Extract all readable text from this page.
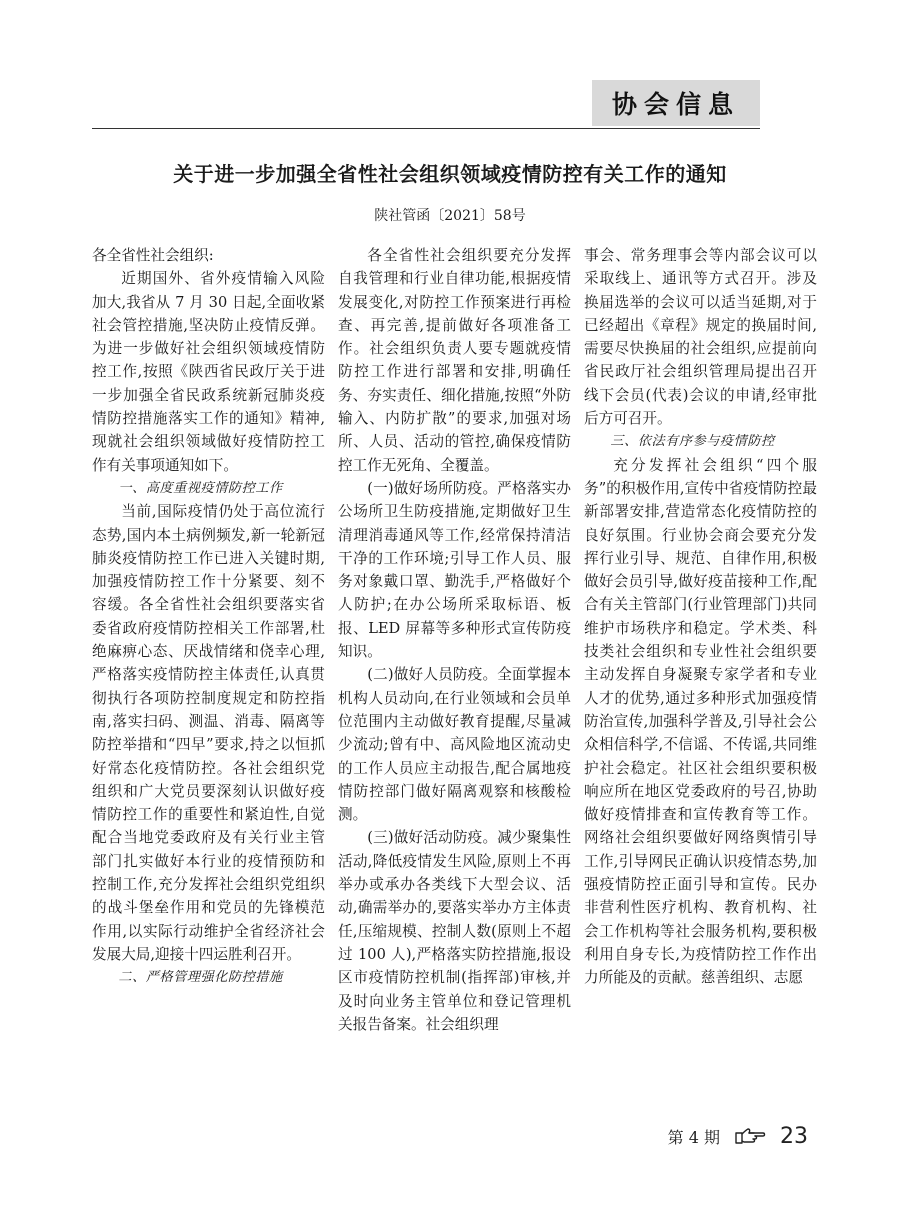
协会信息
关于进一步加强全省性社会组织领域疫情防控有关工作的通知
陕社管函〔2021〕58号

各全省性社会组织:

近期国外、省外疫情输入风险加大,我省从 7 月 30 日起,全面收紧社会管控措施,坚决防止疫情反弹。为进一步做好社会组织领域疫情防控工作,按照《陕西省民政厅关于进一步加强全省民政系统新冠肺炎疫情防控措施落实工作的通知》精神,现就社会组织领域做好疫情防控工作有关事项通知如下。

一、高度重视疫情防控工作

当前,国际疫情仍处于高位流行态势,国内本土病例频发,新一轮新冠肺炎疫情防控工作已进入关键时期,加强疫情防控工作十分紧要、刻不容缓。各全省性社会组织要落实省委省政府疫情防控相关工作部署,杜绝麻痹心态、厌战情绪和侥幸心理,严格落实疫情防控主体责任,认真贯彻执行各项防控制度规定和防控指南,落实扫码、测温、消毒、隔离等防控举措和“四早”要求,持之以恒抓好常态化疫情防控。各社会组织党组织和广大党员要深刻认识做好疫情防控工作的重要性和紧迫性,自觉配合当地党委政府及有关行业主管部门扎实做好本行业的疫情预防和控制工作,充分发挥社会组织党组织的战斗堡垒作用和党员的先锋模范作用,以实际行动维护全省经济社会发展大局,迎接十四运胜利召开。

二、严格管理强化防控措施

各全省性社会组织要充分发挥自我管理和行业自律功能,根据疫情发展变化,对防控工作预案进行再检查、再完善,提前做好各项准备工作。社会组织负责人要专题就疫情防控工作进行部署和安排,明确任务、夯实责任、细化措施,按照“外防输入、内防扩散”的要求,加强对场所、人员、活动的管控,确保疫情防控工作无死角、全覆盖。

(一)做好场所防疫。严格落实办公场所卫生防疫措施,定期做好卫生清理消毒通风等工作,经常保持清洁干净的工作环境;引导工作人员、服务对象戴口罩、勤洗手,严格做好个人防护;在办公场所采取标语、板报、LED 屏幕等多种形式宣传防疫知识。

(二)做好人员防疫。全面掌握本机构人员动向,在行业领域和会员单位范围内主动做好教育提醒,尽量减少流动;曾有中、高风险地区流动史的工作人员应主动报告,配合属地疫情防控部门做好隔离观察和核酸检测。

(三)做好活动防疫。减少聚集性活动,降低疫情发生风险,原则上不再举办或承办各类线下大型会议、活动,确需举办的,要落实举办方主体责任,压缩规模、控制人数(原则上不超过 100 人),严格落实防控措施,报设区市疫情防控机制(指挥部)审核,并及时向业务主管单位和登记管理机关报告备案。社会组织理

事会、常务理事会等内部会议可以采取线上、通讯等方式召开。涉及换届选举的会议可以适当延期,对于已经超出《章程》规定的换届时间,需要尽快换届的社会组织,应提前向省民政厅社会组织管理局提出召开线下会员(代表)会议的申请,经审批后方可召开。

三、依法有序参与疫情防控

充分发挥社会组织“四个服务”的积极作用,宣传中省疫情防控最新部署安排,营造常态化疫情防控的良好氛围。行业协会商会要充分发挥行业引导、规范、自律作用,积极做好会员引导,做好疫苗接种工作,配合有关主管部门(行业管理部门)共同维护市场秩序和稳定。学术类、科技类社会组织和专业性社会组织要主动发挥自身凝聚专家学者和专业人才的优势,通过多种形式加强疫情防治宣传,加强科学普及,引导社会公众相信科学,不信谣、不传谣,共同维护社会稳定。社区社会组织要积极响应所在地区党委政府的号召,协助做好疫情排查和宣传教育等工作。网络社会组织要做好网络舆情引导工作,引导网民正确认识疫情态势,加强疫情防控正面引导和宣传。民办非营利性医疗机构、教育机构、社会工作机构等社会服务机构,要积极利用自身专长,为疫情防控工作作出力所能及的贡献。慈善组织、志愿

第 4 期	23
